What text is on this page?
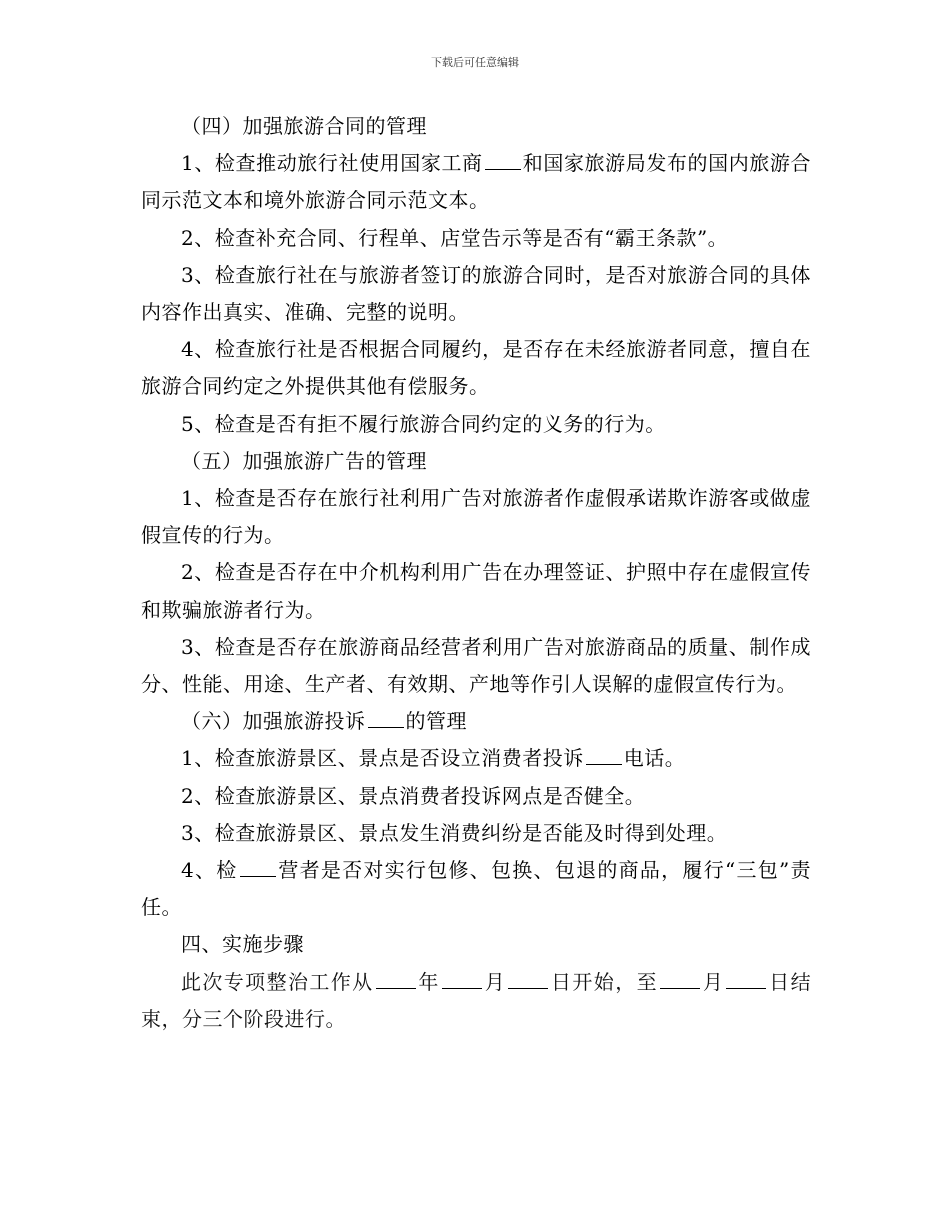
下载后可任意编辑

（四）加强旅游合同的管理

1、检查推动旅行社使用国家工商 和国家旅游局发布的国内旅游合同示范文本和境外旅游合同示范文本。

2、检查补充合同、行程单、店堂告示等是否有“霸王条款”。

3、检查旅行社在与旅游者签订的旅游合同时，是否对旅游合同的具体内容作出真实、准确、完整的说明。

4、检查旅行社是否根据合同履约，是否存在未经旅游者同意，擅自在旅游合同约定之外提供其他有偿服务。

5、检查是否有拒不履行旅游合同约定的义务的行为。

（五）加强旅游广告的管理

1、检查是否存在旅行社利用广告对旅游者作虚假承诺欺诈游客或做虚假宣传的行为。

2、检查是否存在中介机构利用广告在办理签证、护照中存在虚假宣传和欺骗旅游者行为。

3、检查是否存在旅游商品经营者利用广告对旅游商品的质量、制作成分、性能、用途、生产者、有效期、产地等作引人误解的虚假宣传行为。

（六）加强旅游投诉 的管理

1、检查旅游景区、景点是否设立消费者投诉 电话。

2、检查旅游景区、景点消费者投诉网点是否健全。

3、检查旅游景区、景点发生消费纠纷是否能及时得到处理。

4、检 营者是否对实行包修、包换、包退的商品，履行“三包”责任。

四、实施步骤

此次专项整治工作从 年 月 日开始，至 月 日结束，分三个阶段进行。
